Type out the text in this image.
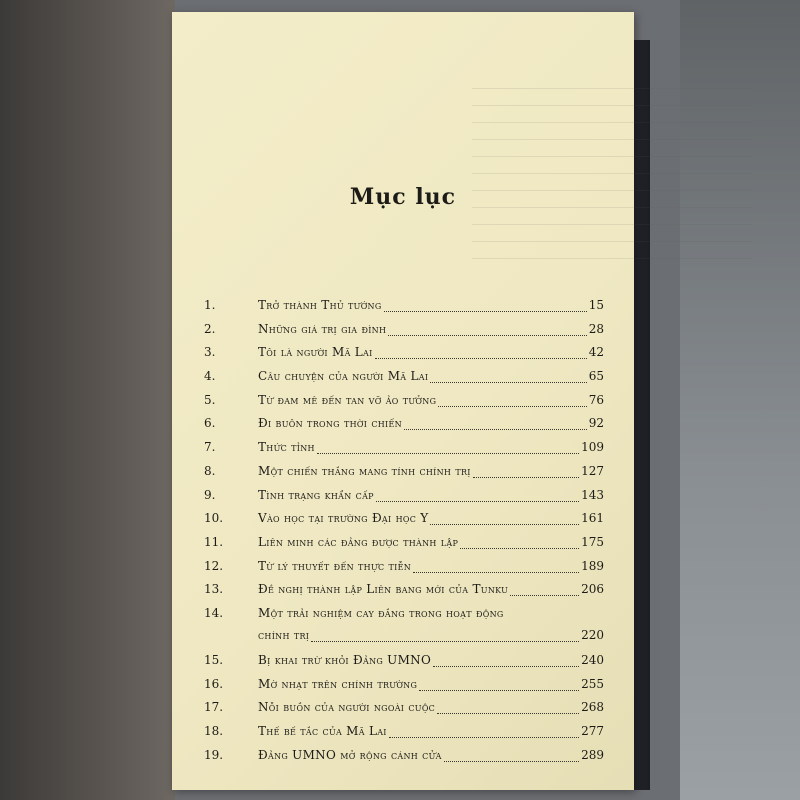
Mục lục
1.	Trở thành Thủ tướng	15
2.	Những giá trị gia đình	28
3.	Tôi là người Mã Lai	42
4.	Câu chuyện của người Mã Lai	65
5.	Từ đam mê đến tan vỡ ảo tưởng	76
6.	Đi buôn trong thời chiến	92
7.	Thức tỉnh	109
8.	Một chiến thắng mang tính chính trị	127
9.	Tình trạng khẩn cấp	143
10.	Vào học tại trường Đại học Y	161
11.	Liên minh các đảng được thành lập	175
12.	Từ lý thuyết đến thực tiễn	189
13.	Đề nghị thành lập Liên bang mới của Tunku	206
14.	Một trải nghiệm cay đắng trong hoạt động
chính trị	220
15.	Bị khai trừ khỏi Đảng UMNO	240
16.	Mờ nhạt trên chính trường	255
17.	Nỗi buồn của người ngoài cuộc	268
18.	Thế bế tắc của Mã Lai	277
19.	Đảng UMNO mở rộng cánh cửa	289
